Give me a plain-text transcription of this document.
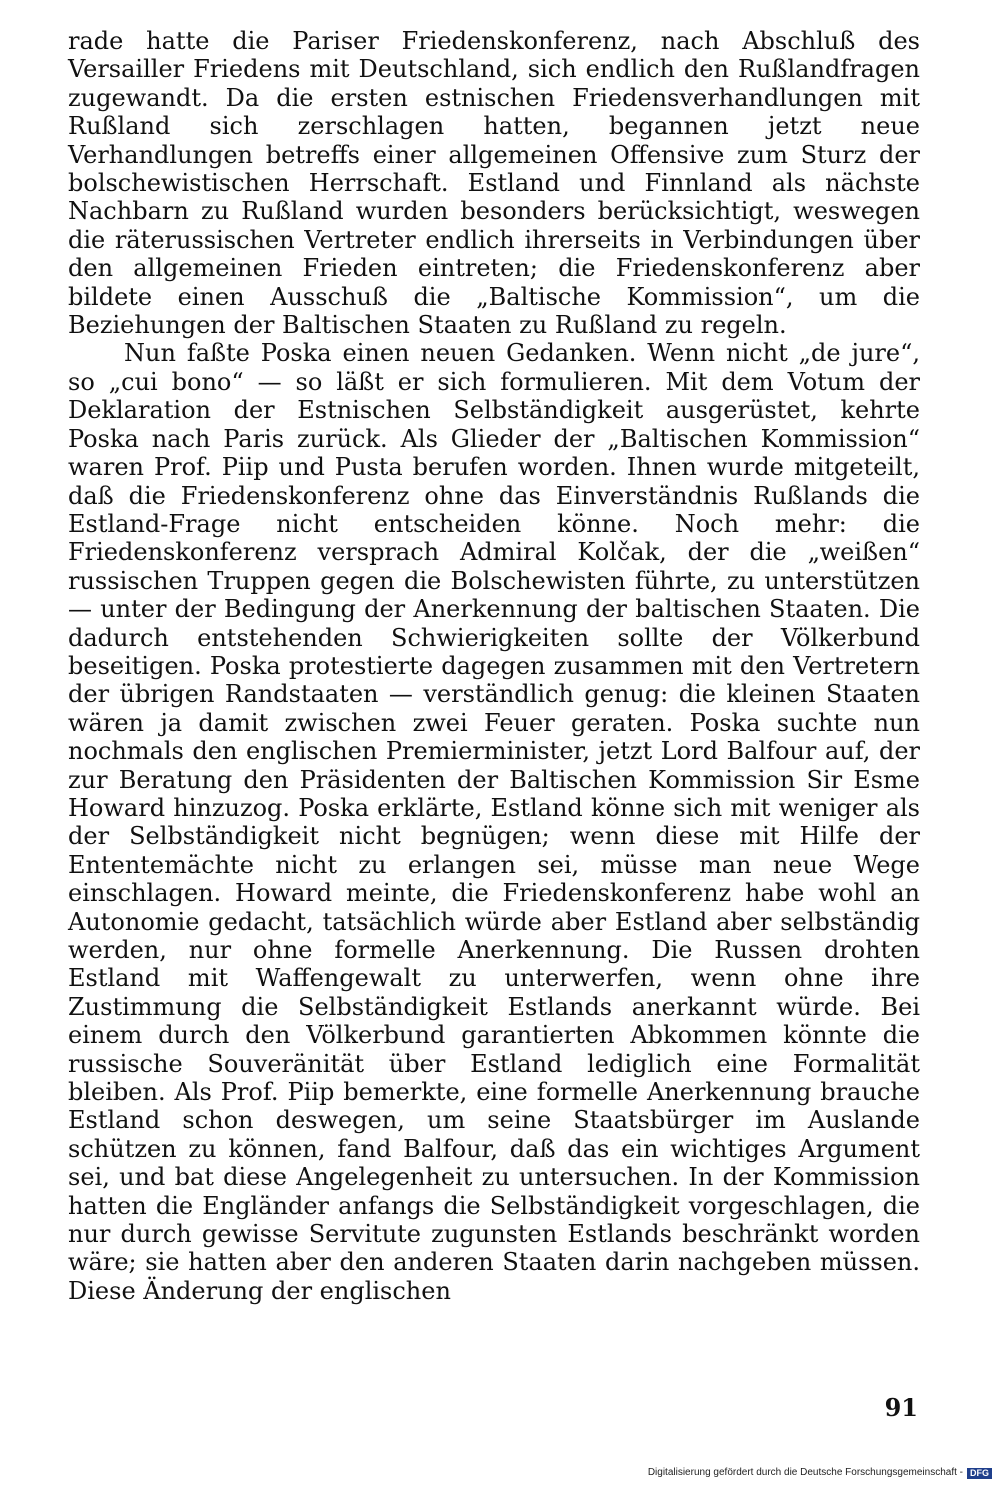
rade hatte die Pariser Friedenskonferenz, nach Abschluß des Versailler Friedens mit Deutschland, sich endlich den Rußlandfragen zugewandt. Da die ersten estnischen Friedensverhandlungen mit Rußland sich zerschlagen hatten, begannen jetzt neue Verhandlungen betreffs einer allgemeinen Offensive zum Sturz der bolschewistischen Herrschaft. Estland und Finnland als nächste Nachbarn zu Rußland wurden besonders berücksichtigt, weswegen die räterussischen Vertreter endlich ihrerseits in Verbindungen über den allgemeinen Frieden eintreten; die Friedenskonferenz aber bildete einen Ausschuß die „Baltische Kommission“, um die Beziehungen der Baltischen Staaten zu Rußland zu regeln.

Nun faßte Poska einen neuen Gedanken. Wenn nicht „de jure“, so „cui bono“ — so läßt er sich formulieren. Mit dem Votum der Deklaration der Estnischen Selbständigkeit ausgerüstet, kehrte Poska nach Paris zurück. Als Glieder der „Baltischen Kommission“ waren Prof. Piip und Pusta berufen worden. Ihnen wurde mitgeteilt, daß die Friedenskonferenz ohne das Einverständnis Rußlands die Estland-Frage nicht entscheiden könne. Noch mehr: die Friedenskonferenz versprach Admiral Kolčak, der die „weißen“ russischen Truppen gegen die Bolschewisten führte, zu unterstützen — unter der Bedingung der Anerkennung der baltischen Staaten. Die dadurch entstehenden Schwierigkeiten sollte der Völkerbund beseitigen. Poska protestierte dagegen zusammen mit den Vertretern der übrigen Randstaaten — verständlich genug: die kleinen Staaten wären ja damit zwischen zwei Feuer geraten. Poska suchte nun nochmals den englischen Premierminister, jetzt Lord Balfour auf, der zur Beratung den Präsidenten der Baltischen Kommission Sir Esme Howard hinzuzog. Poska erklärte, Estland könne sich mit weniger als der Selbständigkeit nicht begnügen; wenn diese mit Hilfe der Ententemächte nicht zu erlangen sei, müsse man neue Wege einschlagen. Howard meinte, die Friedenskonferenz habe wohl an Autonomie gedacht, tatsächlich würde aber Estland aber selbständig werden, nur ohne formelle Anerkennung. Die Russen drohten Estland mit Waffengewalt zu unterwerfen, wenn ohne ihre Zustimmung die Selbständigkeit Estlands anerkannt würde. Bei einem durch den Völkerbund garantierten Abkommen könnte die russische Souveränität über Estland lediglich eine Formalität bleiben. Als Prof. Piip bemerkte, eine formelle Anerkennung brauche Estland schon deswegen, um seine Staatsbürger im Auslande schützen zu können, fand Balfour, daß das ein wichtiges Argument sei, und bat diese Angelegenheit zu untersuchen. In der Kommission hatten die Engländer anfangs die Selbständigkeit vorgeschlagen, die nur durch gewisse Servitute zugunsten Estlands beschränkt worden wäre; sie hatten aber den anderen Staaten darin nachgeben müssen. Diese Änderung der englischen

91
Digitalisierung gefördert durch die Deutsche Forschungsgemeinschaft - DFG
